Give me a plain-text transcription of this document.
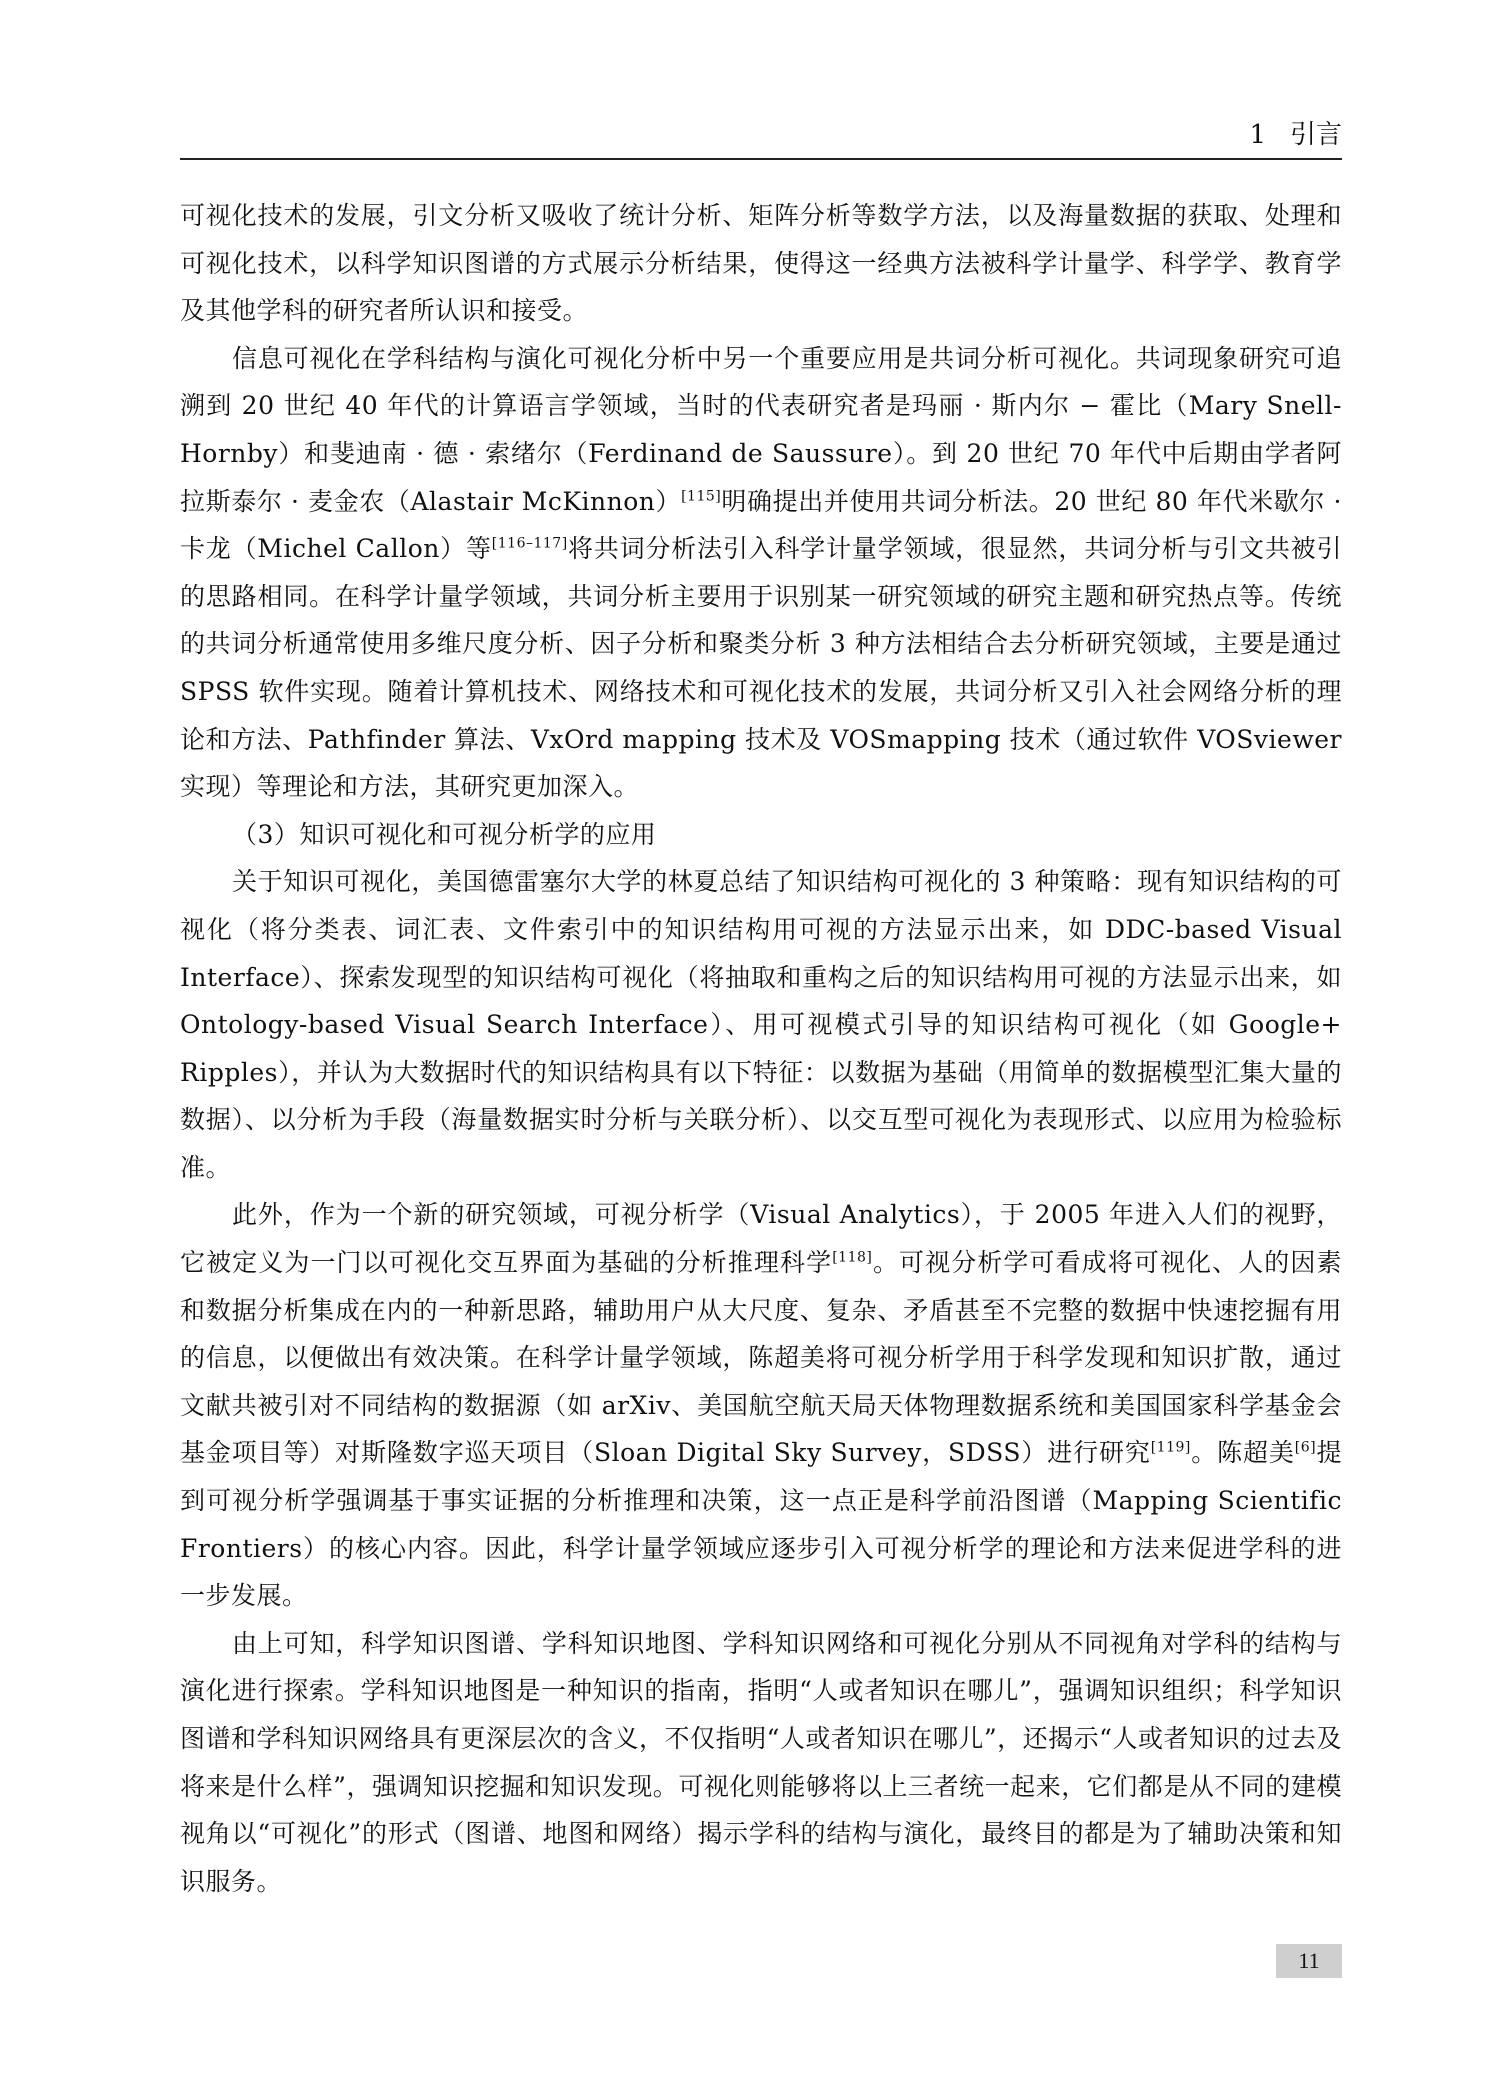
1 引言

可视化技术的发展，引文分析又吸收了统计分析、矩阵分析等数学方法，以及海量数据的获取、处理和可视化技术，以科学知识图谱的方式展示分析结果，使得这一经典方法被科学计量学、科学学、教育学及其他学科的研究者所认识和接受。

信息可视化在学科结构与演化可视化分析中另一个重要应用是共词分析可视化。共词现象研究可追溯到 20 世纪 40 年代的计算语言学领域，当时的代表研究者是玛丽 · 斯内尔 − 霍比（Mary Snell-Hornby）和斐迪南 · 德 · 索绪尔（Ferdinand de Saussure）。到 20 世纪 70 年代中后期由学者阿拉斯泰尔 · 麦金农（Alastair McKinnon）[115]明确提出并使用共词分析法。20 世纪 80 年代米歇尔 · 卡龙（Michel Callon）等[116–117]将共词分析法引入科学计量学领域，很显然，共词分析与引文共被引的思路相同。在科学计量学领域，共词分析主要用于识别某一研究领域的研究主题和研究热点等。传统的共词分析通常使用多维尺度分析、因子分析和聚类分析 3 种方法相结合去分析研究领域，主要是通过 SPSS 软件实现。随着计算机技术、网络技术和可视化技术的发展，共词分析又引入社会网络分析的理论和方法、Pathfinder 算法、VxOrd mapping 技术及 VOSmapping 技术（通过软件 VOSviewer 实现）等理论和方法，其研究更加深入。

（3）知识可视化和可视分析学的应用

关于知识可视化，美国德雷塞尔大学的林夏总结了知识结构可视化的 3 种策略：现有知识结构的可视化（将分类表、词汇表、文件索引中的知识结构用可视的方法显示出来，如 DDC-based Visual Interface）、探索发现型的知识结构可视化（将抽取和重构之后的知识结构用可视的方法显示出来，如 Ontology-based Visual Search Interface）、用可视模式引导的知识结构可视化（如 Google+ Ripples），并认为大数据时代的知识结构具有以下特征：以数据为基础（用简单的数据模型汇集大量的数据）、以分析为手段（海量数据实时分析与关联分析）、以交互型可视化为表现形式、以应用为检验标准。

此外，作为一个新的研究领域，可视分析学（Visual Analytics），于 2005 年进入人们的视野，它被定义为一门以可视化交互界面为基础的分析推理科学[118]。可视分析学可看成将可视化、人的因素和数据分析集成在内的一种新思路，辅助用户从大尺度、复杂、矛盾甚至不完整的数据中快速挖掘有用的信息，以便做出有效决策。在科学计量学领域，陈超美将可视分析学用于科学发现和知识扩散，通过文献共被引对不同结构的数据源（如 arXiv、美国航空航天局天体物理数据系统和美国国家科学基金会基金项目等）对斯隆数字巡天项目（Sloan Digital Sky Survey，SDSS）进行研究[119]。陈超美[6]提到可视分析学强调基于事实证据的分析推理和决策，这一点正是科学前沿图谱（Mapping Scientific Frontiers）的核心内容。因此，科学计量学领域应逐步引入可视分析学的理论和方法来促进学科的进一步发展。

由上可知，科学知识图谱、学科知识地图、学科知识网络和可视化分别从不同视角对学科的结构与演化进行探索。学科知识地图是一种知识的指南，指明“人或者知识在哪儿”，强调知识组织；科学知识图谱和学科知识网络具有更深层次的含义，不仅指明“人或者知识在哪儿”，还揭示“人或者知识的过去及将来是什么样”，强调知识挖掘和知识发现。可视化则能够将以上三者统一起来，它们都是从不同的建模视角以“可视化”的形式（图谱、地图和网络）揭示学科的结构与演化，最终目的都是为了辅助决策和知识服务。

11
